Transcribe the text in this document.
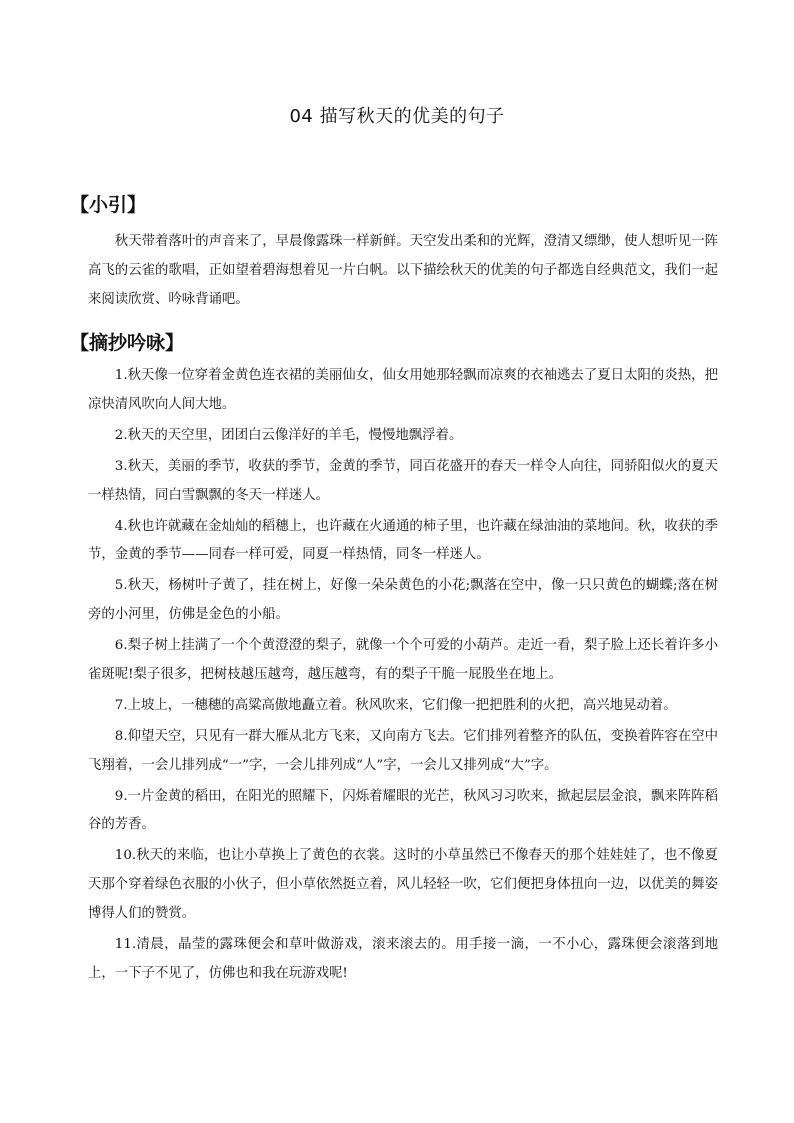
04 描写秋天的优美的句子
【小引】

秋天带着落叶的声音来了，早晨像露珠一样新鲜。天空发出柔和的光辉，澄清又缥缈，使人想听见一阵高飞的云雀的歌唱，正如望着碧海想着见一片白帆。以下描绘秋天的优美的句子都选自经典范文，我们一起来阅读欣赏、吟咏背诵吧。

【摘抄吟咏】

1.秋天像一位穿着金黄色连衣裙的美丽仙女，仙女用她那轻飘而凉爽的衣袖逃去了夏日太阳的炎热，把凉快清风吹向人间大地。

2.秋天的天空里，团团白云像洋好的羊毛，慢慢地飘浮着。

3.秋天，美丽的季节，收获的季节，金黄的季节，同百花盛开的春天一样令人向往，同骄阳似火的夏天一样热情，同白雪飘飘的冬天一样迷人。

4.秋也许就藏在金灿灿的稻穗上，也许藏在火通通的柿子里，也许藏在绿油油的菜地间。秋，收获的季节，金黄的季节——同春一样可爱，同夏一样热情，同冬一样迷人。

5.秋天，杨树叶子黄了，挂在树上，好像一朵朵黄色的小花;飘落在空中，像一只只黄色的蝴蝶;落在树旁的小河里，仿佛是金色的小船。

6.梨子树上挂满了一个个黄澄澄的梨子，就像一个个可爱的小葫芦。走近一看，梨子脸上还长着许多小雀斑呢!梨子很多，把树枝越压越弯，越压越弯，有的梨子干脆一屁股坐在地上。

7.上坡上，一穗穗的高粱高傲地矗立着。秋风吹来，它们像一把把胜利的火把，高兴地晃动着。

8.仰望天空，只见有一群大雁从北方飞来，又向南方飞去。它们排列着整齐的队伍，变换着阵容在空中飞翔着，一会儿排列成“一”字，一会儿排列成“人”字，一会儿又排列成“大”字。

9.一片金黄的稻田，在阳光的照耀下，闪烁着耀眼的光芒，秋风习习吹来，掀起层层金浪，飘来阵阵稻谷的芳香。

10.秋天的来临，也让小草换上了黄色的衣裳。这时的小草虽然已不像春天的那个娃娃娃了，也不像夏天那个穿着绿色衣服的小伙子，但小草依然挺立着，风儿轻轻一吹，它们便把身体扭向一边，以优美的舞姿博得人们的赞赏。

11.清晨，晶莹的露珠便会和草叶做游戏，滚来滚去的。用手接一滴，一不小心，露珠便会滚落到地上，一下子不见了，仿佛也和我在玩游戏呢!
